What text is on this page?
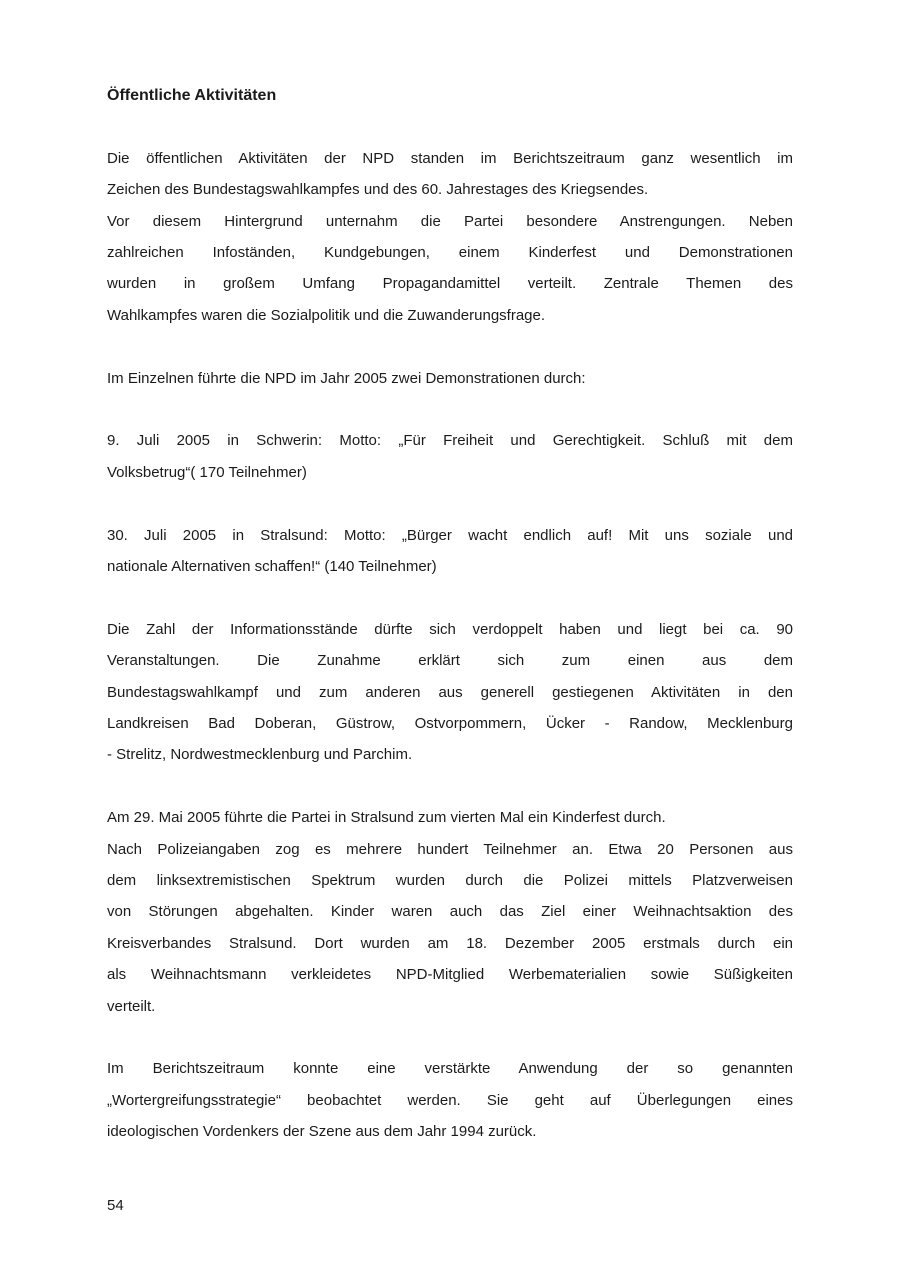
Öffentliche Aktivitäten
Die öffentlichen Aktivitäten der NPD standen im Berichtszeitraum ganz wesentlich im
Zeichen des Bundestagswahlkampfes und des 60. Jahrestages des Kriegsendes.
Vor diesem Hintergrund unternahm die Partei besondere Anstrengungen. Neben
zahlreichen Infoständen, Kundgebungen, einem Kinderfest und Demonstrationen
wurden in großem Umfang Propagandamittel verteilt. Zentrale Themen des
Wahlkampfes waren die Sozialpolitik und die Zuwanderungsfrage.
Im Einzelnen führte die NPD im Jahr 2005 zwei Demonstrationen durch:
9. Juli 2005 in Schwerin: Motto: „Für Freiheit und Gerechtigkeit. Schluß mit dem
Volksbetrug“( 170 Teilnehmer)
30. Juli 2005 in Stralsund: Motto: „Bürger wacht endlich auf! Mit uns soziale und
nationale Alternativen schaffen!“ (140 Teilnehmer)
Die Zahl der Informationsstände dürfte sich verdoppelt haben und liegt bei ca. 90
Veranstaltungen. Die Zunahme erklärt sich zum einen aus dem
Bundestagswahlkampf und zum anderen aus generell gestiegenen Aktivitäten in den
Landkreisen Bad Doberan, Güstrow, Ostvorpommern, Ücker - Randow, Mecklenburg
- Strelitz, Nordwestmecklenburg und Parchim.
Am 29. Mai 2005 führte die Partei in Stralsund zum vierten Mal ein Kinderfest durch.
Nach Polizeiangaben zog es mehrere hundert Teilnehmer an. Etwa 20 Personen aus
dem linksextremistischen Spektrum wurden durch die Polizei mittels Platzverweisen
von Störungen abgehalten. Kinder waren auch das Ziel einer Weihnachtsaktion des
Kreisverbandes Stralsund. Dort wurden am 18. Dezember 2005 erstmals durch ein
als Weihnachtsmann verkleidetes NPD-Mitglied Werbematerialien sowie Süßigkeiten
verteilt.
Im Berichtszeitraum konnte eine verstärkte Anwendung der so genannten
„Wortergreifungsstrategie“ beobachtet werden. Sie geht auf Überlegungen eines
ideologischen Vordenkers der Szene aus dem Jahr 1994 zurück.
54
